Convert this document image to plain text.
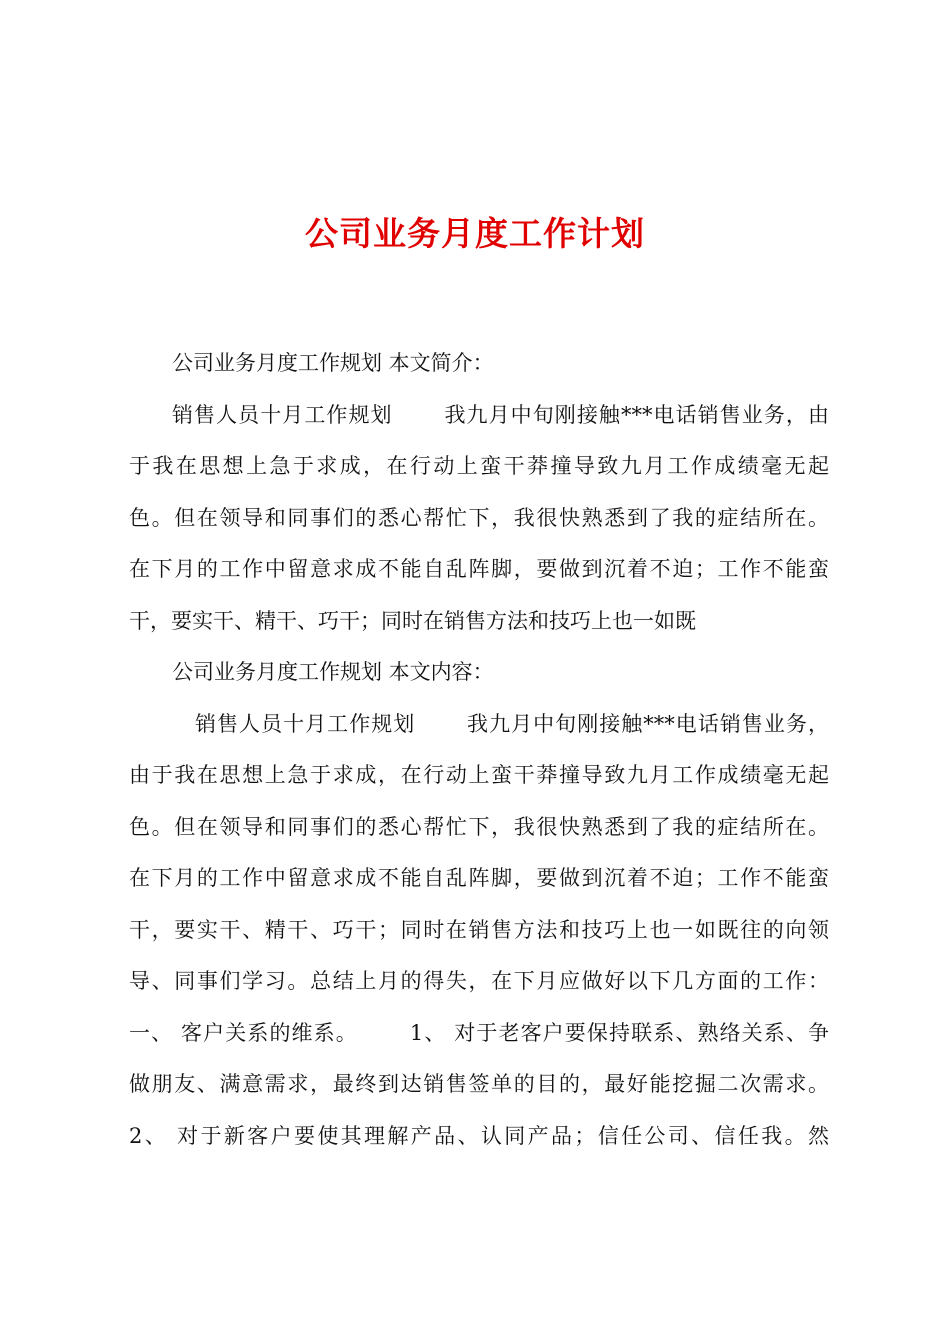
公司业务月度工作计划
公司业务月度工作规划 本文简介：
销售人员十月工作规划 　　我九月中旬刚接触***电话销售业务，由
于我在思想上急于求成，在行动上蛮干莽撞导致九月工作成绩毫无起
色。但在领导和同事们的悉心帮忙下，我很快熟悉到了我的症结所在。
在下月的工作中留意求成不能自乱阵脚，要做到沉着不迫；工作不能蛮
干，要实干、精干、巧干；同时在销售方法和技巧上也一如既
公司业务月度工作规划 本文内容：
销售人员十月工作规划 　　我九月中旬刚接触***电话销售业务，
由于我在思想上急于求成，在行动上蛮干莽撞导致九月工作成绩毫无起
色。但在领导和同事们的悉心帮忙下，我很快熟悉到了我的症结所在。
在下月的工作中留意求成不能自乱阵脚，要做到沉着不迫；工作不能蛮
干，要实干、精干、巧干；同时在销售方法和技巧上也一如既往的向领
导、同事们学习。总结上月的得失，在下月应做好以下几方面的工作：
一、 客户关系的维系。 　　1、 对于老客户要保持联系、熟络关系、争
做朋友、满意需求，最终到达销售签单的目的，最好能挖掘二次需求。
2、 对于新客户要使其理解产品、认同产品；信任公司、信任我。然
